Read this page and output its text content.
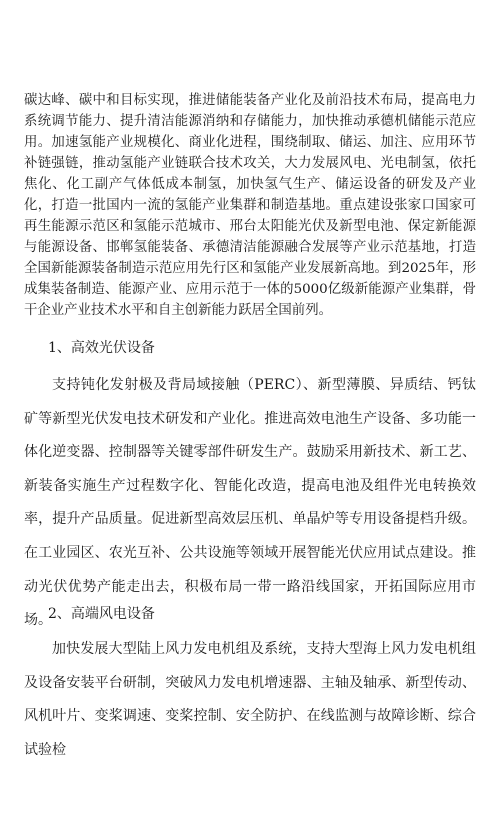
碳达峰、碳中和目标实现，推进储能装备产业化及前沿技术布局，提高电力系统调节能力、提升清洁能源消纳和存储能力，加快推动承德机储能示范应用。加速氢能产业规模化、商业化进程，围绕制取、储运、加注、应用环节补链强链，推动氢能产业链联合技术攻关，大力发展风电、光电制氢，依托焦化、化工副产气体低成本制氢，加快氢气生产、储运设备的研发及产业化，打造一批国内一流的氢能产业集群和制造基地。重点建设张家口国家可再生能源示范区和氢能示范城市、邢台太阳能光伏及新型电池、保定新能源与能源设备、邯郸氢能装备、承德清洁能源融合发展等产业示范基地，打造全国新能源装备制造示范应用先行区和氢能产业发展新高地。到2025年，形成集装备制造、能源产业、应用示范于一体的5000亿级新能源产业集群，骨干企业产业技术水平和自主创新能力跃居全国前列。

1、高效光伏设备

支持钝化发射极及背局域接触（PERC）、新型薄膜、异质结、钙钛矿等新型光伏发电技术研发和产业化。推进高效电池生产设备、多功能一体化逆变器、控制器等关键零部件研发生产。鼓励采用新技术、新工艺、新装备实施生产过程数字化、智能化改造，提高电池及组件光电转换效率，提升产品质量。促进新型高效层压机、单晶炉等专用设备提档升级。在工业园区、农光互补、公共设施等领域开展智能光伏应用试点建设。推动光伏优势产能走出去，积极布局一带一路沿线国家，开拓国际应用市场。

2、高端风电设备

加快发展大型陆上风力发电机组及系统，支持大型海上风力发电机组及设备安装平台研制，突破风力发电机增速器、主轴及轴承、新型传动、风机叶片、变桨调速、变桨控制、安全防护、在线监测与故障诊断、综合试验检
